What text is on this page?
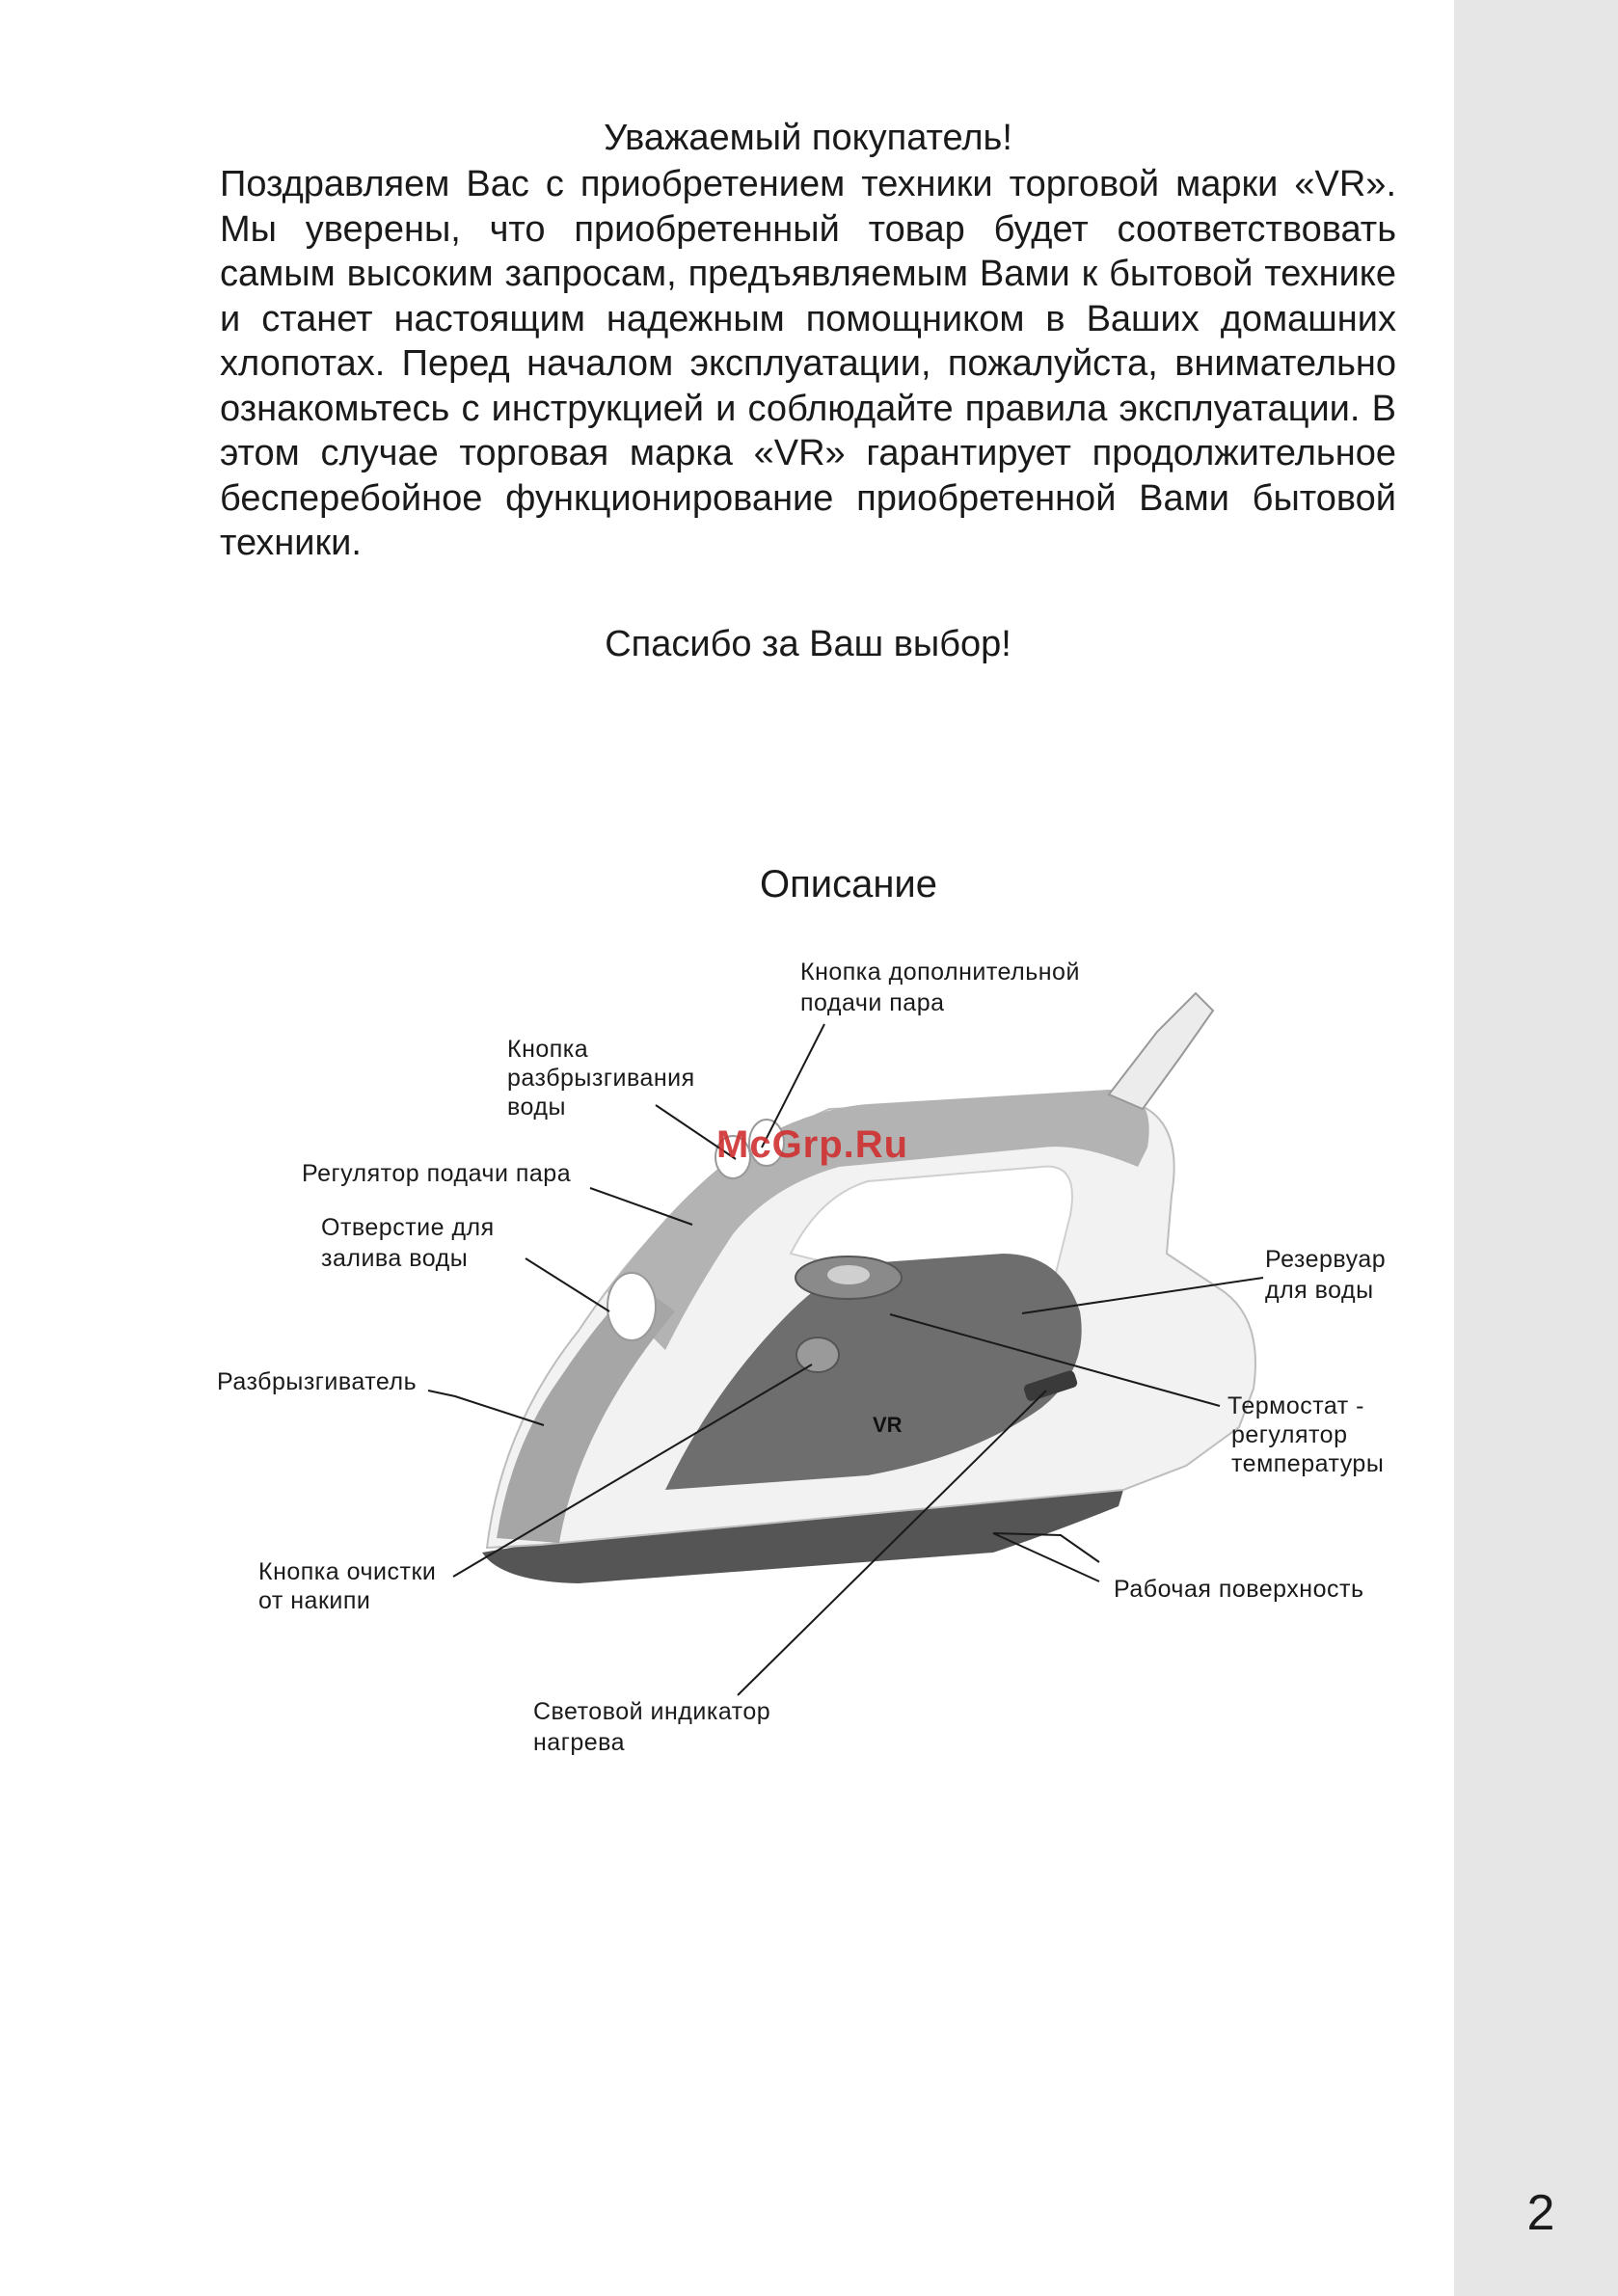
Уважаемый покупатель!
Поздравляем Вас с приобретением техники торговой марки «VR». Мы уверены, что приобретенный товар будет соответствовать самым высоким запросам, предъявляемым Вами к бытовой технике и станет настоящим надежным помощником в Ваших домашних хлопотах. Перед началом эксплуатации, пожалуйста, внимательно ознакомьтесь с инструкцией и соблюдайте правила эксплуатации. В этом случае торговая марка «VR» гарантирует продолжительное бесперебойное функционирование приобретенной Вами бытовой техники.
Спасибо за Ваш выбор!
Описание
VR
Кнопка дополнительной
подачи пара
Кнопка
разбрызгивания
воды
Регулятор подачи пара
Отверстие для
залива воды
Разбрызгиватель
Резервуар
для воды
Термостат -
регулятор
температуры
Кнопка очистки
от накипи	Рабочая поверхность
Световой индикатор
нагрева
McGrp.Ru
2
